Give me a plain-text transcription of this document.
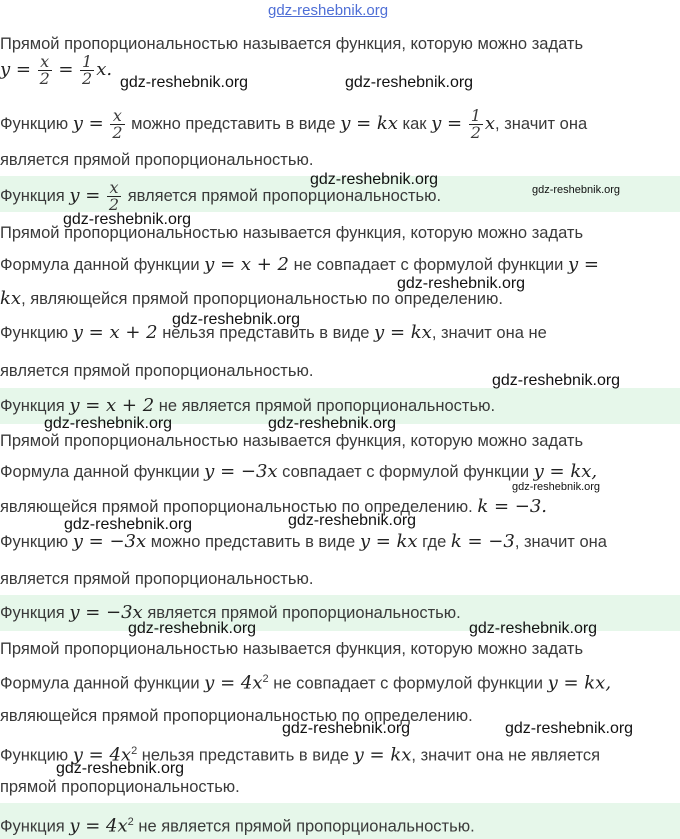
gdz-reshebnik.org
Прямой пропорциональностью называется функция, которую можно задать
$y = \frac{x}{2} = \frac{1}{2} x$.
Функцию $y = \frac{x}{2}$ можно представить в виде y = kx как $y = \frac{1}{2} x$, значит она
является прямой пропорциональностью.
Функция $y = \frac{x}{2}$ является прямой пропорциональностью.
Прямой пропорциональностью называется функция, которую можно задать
Формула данной функции y = x + 2 не совпадает с формулой функции y =
kx, являющейся прямой пропорциональностью по определению.
Функцию y = x + 2 нельзя представить в виде y = kx, значит она не
является прямой пропорциональностью.
Функция y = x + 2 не является прямой пропорциональностью.
Прямой пропорциональностью называется функция, которую можно задать
Формула данной функции y = −3x совпадает с формулой функции y = kx,
являющейся прямой пропорциональностью по определению. k = −3.
Функцию y = −3x можно представить в виде y = kx где k = −3, значит она
является прямой пропорциональностью.
Функция y = −3x является прямой пропорциональностью.
Прямой пропорциональностью называется функция, которую можно задать
Формула данной функции $y = 4x^2$ не совпадает с формулой функции y = kx,
являющейся прямой пропорциональностью по определению.
Функцию $y = 4x^2$ нельзя представить в виде y = kx, значит она не является
прямой пропорциональностью.
Функция $y = 4x^2$ не является прямой пропорциональностью.
gdz-reshebnik.org	gdz-reshebnik.org
gdz-reshebnik.org
gdz-reshebnik.org
gdz-reshebnik.org
gdz-reshebnik.org
gdz-reshebnik.org
gdz-reshebnik.org
gdz-reshebnik.org	gdz-reshebnik.org
gdz-reshebnik.org
gdz-reshebnik.org	gdz-reshebnik.org
gdz-reshebnik.org	gdz-reshebnik.org
gdz-reshebnik.org	gdz-reshebnik.org
gdz-reshebnik.org
